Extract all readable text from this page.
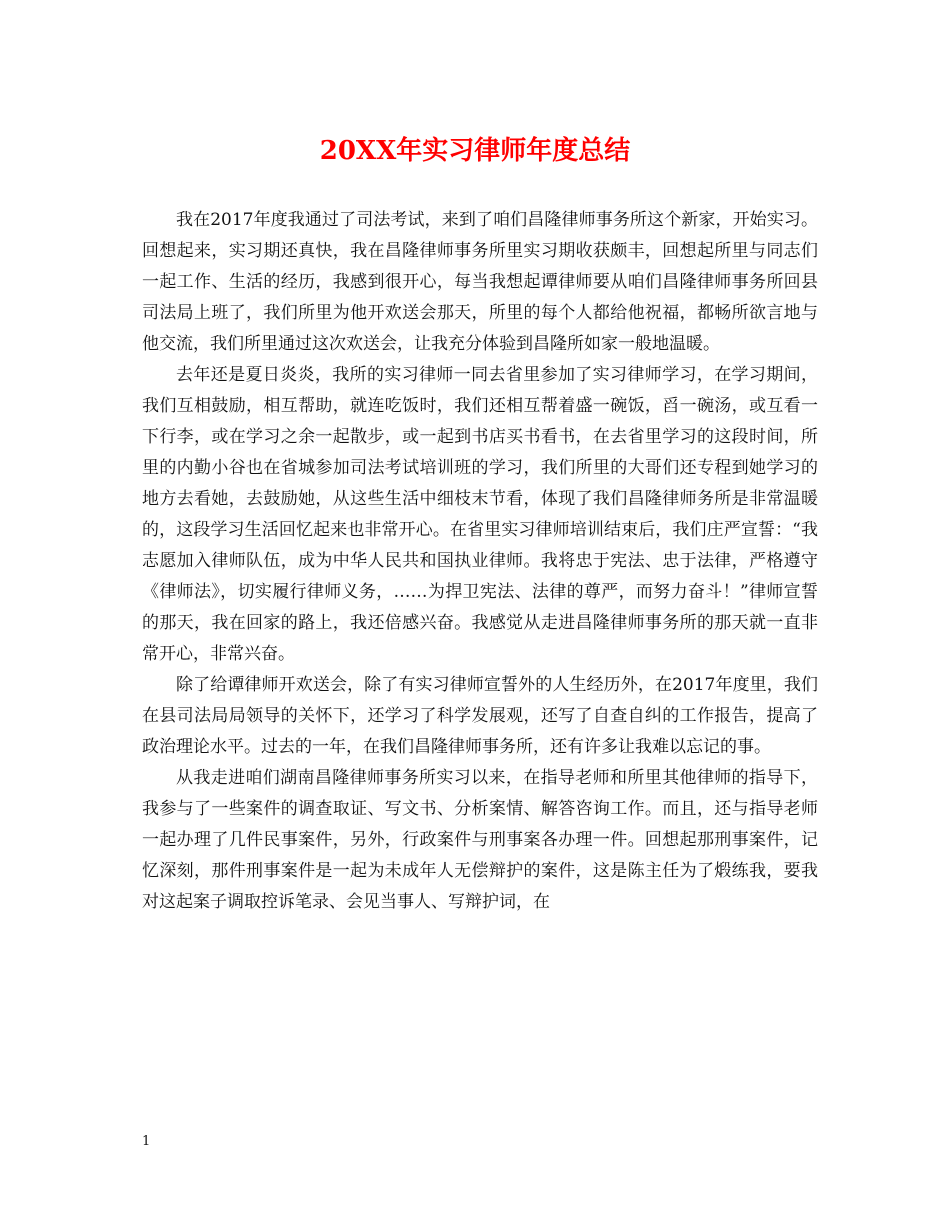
20XX年实习律师年度总结

我在2017年度我通过了司法考试，来到了咱们昌隆律师事务所这个新家，开始实习。回想起来，实习期还真快，我在昌隆律师事务所里实习期收获颇丰，回想起所里与同志们一起工作、生活的经历，我感到很开心，每当我想起谭律师要从咱们昌隆律师事务所回县司法局上班了，我们所里为他开欢送会那天，所里的每个人都给他祝福，都畅所欲言地与他交流，我们所里通过这次欢送会，让我充分体验到昌隆所如家一般地温暖。

去年还是夏日炎炎，我所的实习律师一同去省里参加了实习律师学习，在学习期间，我们互相鼓励，相互帮助，就连吃饭时，我们还相互帮着盛一碗饭，舀一碗汤，或互看一下行李，或在学习之余一起散步，或一起到书店买书看书，在去省里学习的这段时间，所里的内勤小谷也在省城参加司法考试培训班的学习，我们所里的大哥们还专程到她学习的地方去看她，去鼓励她，从这些生活中细枝末节看，体现了我们昌隆律师务所是非常温暖的，这段学习生活回忆起来也非常开心。在省里实习律师培训结束后，我们庄严宣誓：“我志愿加入律师队伍，成为中华人民共和国执业律师。我将忠于宪法、忠于法律，严格遵守《律师法》，切实履行律师义务，……为捍卫宪法、法律的尊严，而努力奋斗！”律师宣誓的那天，我在回家的路上，我还倍感兴奋。我感觉从走进昌隆律师事务所的那天就一直非常开心，非常兴奋。

除了给谭律师开欢送会，除了有实习律师宣誓外的人生经历外，在2017年度里，我们在县司法局局领导的关怀下，还学习了科学发展观，还写了自查自纠的工作报告，提高了政治理论水平。过去的一年，在我们昌隆律师事务所，还有许多让我难以忘记的事。

从我走进咱们湖南昌隆律师事务所实习以来，在指导老师和所里其他律师的指导下，我参与了一些案件的调查取证、写文书、分析案情、解答咨询工作。而且，还与指导老师一起办理了几件民事案件，另外，行政案件与刑事案各办理一件。回想起那刑事案件，记忆深刻，那件刑事案件是一起为未成年人无偿辩护的案件，这是陈主任为了煅练我，要我对这起案子调取控诉笔录、会见当事人、写辩护词，在

1
